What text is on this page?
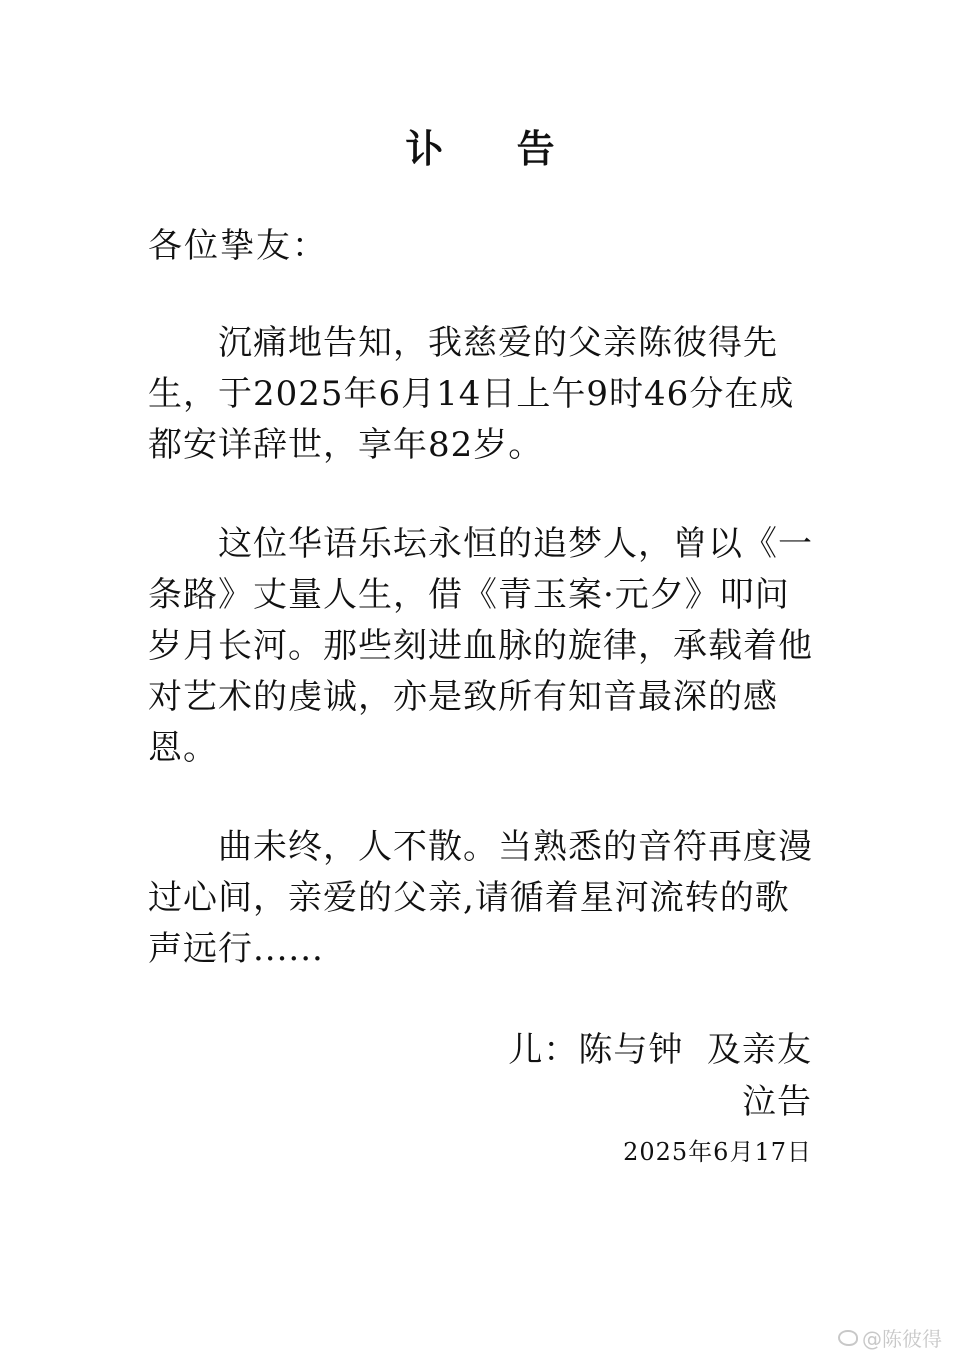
讣 告
各位挚友：

沉痛地告知，我慈爱的父亲陈彼得先生，于2025年6月14日上午9时46分在成都安详辞世，享年82岁。

这位华语乐坛永恒的追梦人，曾以《一条路》丈量人生，借《青玉案·元夕》叩问岁月长河。那些刻进血脉的旋律，承载着他对艺术的虔诚，亦是致所有知音最深的感恩。

曲未终，人不散。当熟悉的音符再度漫过心间，亲爱的父亲,请循着星河流转的歌声远行......

儿：陈与钟  及亲友
泣告
2025年6月17日
@陈彼得
